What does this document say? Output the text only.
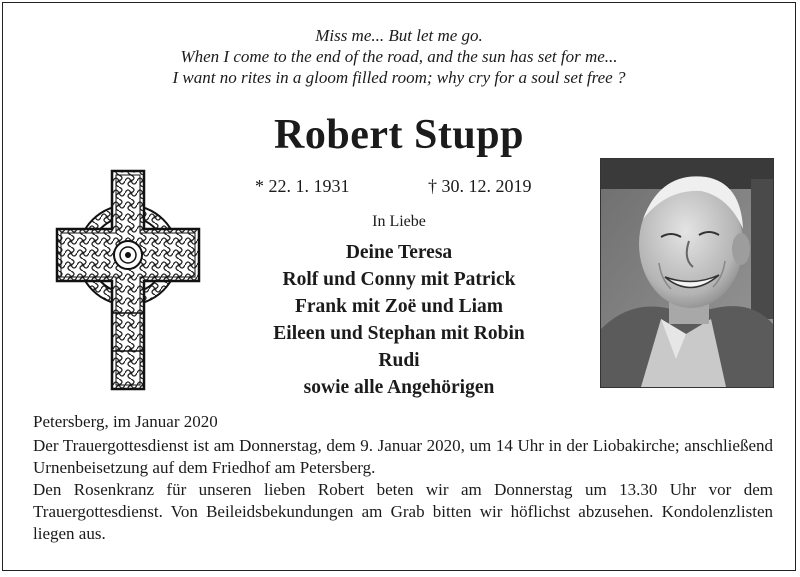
Miss me... But let me go.
When I come to the end of the road, and the sun has set for me...
I want no rites in a gloom filled room; why cry for a soul set free ?
Robert Stupp
* 22. 1. 1931	† 30. 12. 2019
In Liebe
Deine Teresa
Rolf und Conny mit Patrick
Frank mit Zoë und Liam
Eileen und Stephan mit Robin
Rudi
sowie alle Angehörigen
Petersberg, im Januar 2020
Der Trauergottesdienst ist am Donnerstag, dem 9. Januar 2020, um 14 Uhr in der Liobakirche; anschließend Urnenbeisetzung auf dem Friedhof am Petersberg.
Den Rosenkranz für unseren lieben Robert beten wir am Donnerstag um 13.30 Uhr vor dem Trauergottesdienst. Von Beileidsbekundungen am Grab bitten wir höflichst abzusehen. Kondolenzlisten liegen aus.
